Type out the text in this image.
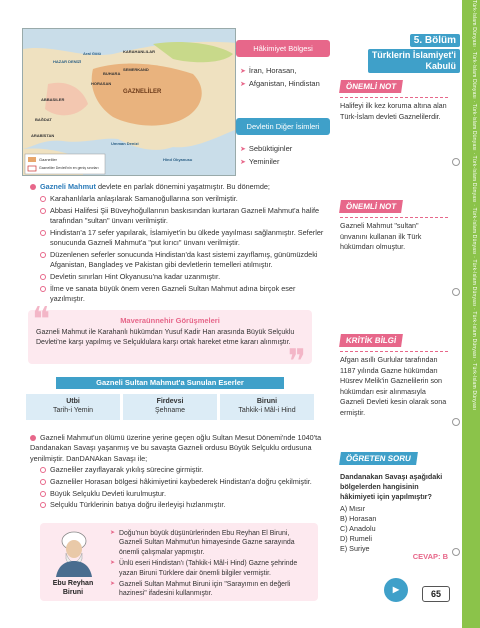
Türk-İslam Dünyası · Türk-İslam Dünyası · Türk-İslam Dünyası · Türk-İslam Dünyası · Türk-İslam Dünyası · Türk-İslam Dünyası · Türk-İslam Dünyası · Türk-İslam Dünyası
KARAHANLILAR
ABBASILER
GAZNELİLER
BUHARA
SEMERKAND
HORASAN
BAĞDAT
ARABİSTAN
Hind Okyanusu
Umman Denizi
Aral Gölü
HAZAR DENİZİ
Gazneliler
Gazneliler Devleti'nin en geniş sınırları
5. Bölüm
Türklerin İslamiyet'i
Kabulü
Hâkimiyet Bölgesi
➤ İran, Horasan,
➤ Afganistan, Hindistan
Devletin Diğer İsimleri
➤ Sebüktiginler
➤ Yeminiler
ÖNEMLİ NOT
Halifeyi ilk kez koruma altına alan Türk-İslam devleti Gaznelilerdir.
ÖNEMLİ NOT
Gazneli Mahmut "sultan" ünvanını kullanan ilk Türk hükümdarı olmuştur.
KRİTİK BİLGİ
Afgan asıllı Gurlular tarafından 1187 yılında Gazne hükümdarı Hüsrev Melik'in Gaznelilerin son hükümdarı esir alınmasıyla Gazneli Devleti kesin olarak sona ermiştir.
Gazneli Mahmut devlete en parlak dönemini yaşatmıştır. Bu dönemde;
Karahanlılarla anlaşılarak Samanoğullarına son verilmiştir.
Abbasi Halifesi Şii Büveyhoğullarının baskısından kurtaran Gazneli Mahmut'a halife tarafından "sultan" ünvanı verilmiştir.
Hindistan'a 17 sefer yapılarak, İslamiyet'in bu ülkede yayılması sağlanmıştır. Seferler sonucunda Gazneli Mahmut'a "put kırıcı" ünvanı verilmiştir.
Düzenlenen seferler sonucunda Hindistan'da kast sistemi zayıflamış, günümüzdeki Afganistan, Bangladeş ve Pakistan gibi devletlerin temelleri atılmıştır.
Devletin sınırları Hint Okyanusu'na kadar uzanmıştır.
İlme ve sanata büyük önem veren Gazneli Sultan Mahmut adına birçok eser yazılmıştır.
❝
❞
Maveraünnehir Görüşmeleri
Gazneli Mahmut ile Karahanlı hükümdarı Yusuf Kadir Han arasında Büyük Selçuklu Devleti'ne karşı yapılmış ve Selçuklulara karşı ortak hareket etme kararı alınmıştır.
Gazneli Sultan Mahmut'a Sunulan Eserler
Utbi
Tarih-i Yemin
Firdevsi
Şehname
Biruni
Tahkik-i Mâl-i Hind
Gazneli Mahmut'un ölümü üzerine yerine geçen oğlu Sultan Mesut Dönemi'nde 1040'ta Dandanakan Savaşı yaşanmış ve bu savaşta Gazneli ordusu Büyük Selçuklu ordusuna yenilmiştir. DanDANAkan Savaşı ile;
Gazneliler zayıflayarak yıkılış sürecine girmiştir.
Gazneliler Horasan bölgesi hâkimiyetini kaybederek Hindistan'a doğru çekilmiştir.
Büyük Selçuklu Devleti kurulmuştur.
Selçuklu Türklerinin batıya doğru ilerleyişi hızlanmıştır.
Ebu Reyhan
Biruni
➤ Doğu'nun büyük düşünürlerinden Ebu Reyhan El Biruni, Gazneli Sultan Mahmut'un himayesinde Gazne sarayında önemli çalışmalar yapmıştır.
➤ Ünlü eseri Hindistan'ı (Tahkik-i Mâl-i Hind) Gazne şehrinde yazan Biruni Türklere dair önemli bilgiler vermiştir.
➤ Gazneli Sultan Mahmut Biruni için "Sarayımın en değerli hazinesi" ifadesini kullanmıştır.
ÖĞRETEN SORU
Dandanakan Savaşı aşağıdaki bölgelerden hangisinin hâkimiyeti için yapılmıştır?
A) Mısır
B) Horasan
C) Anadolu
D) Rumeli
E) Suriye
CEVAP: B
▶	65
